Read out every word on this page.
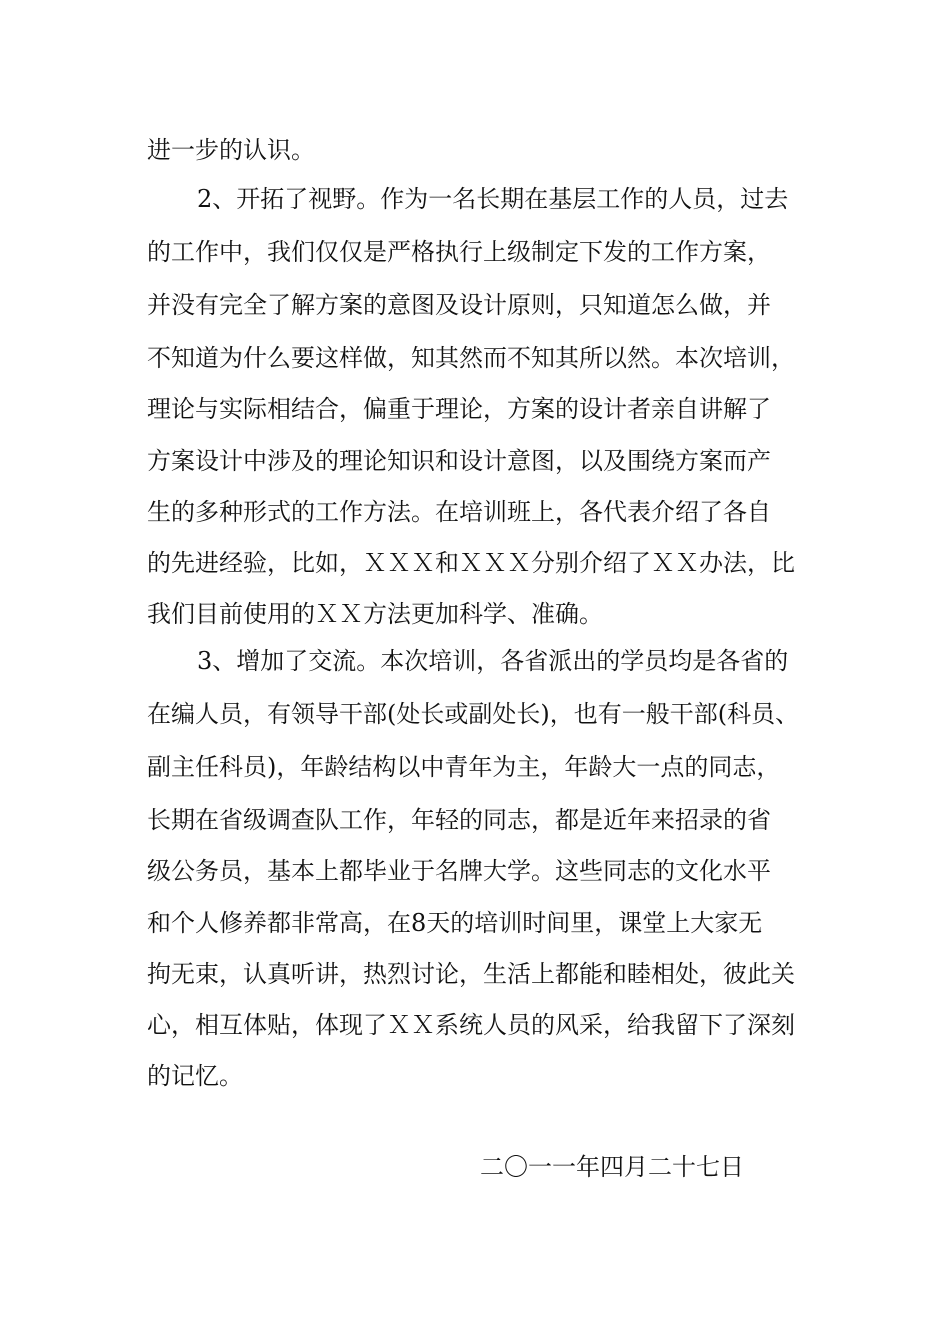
进一步的认识。
2、开拓了视野。作为一名长期在基层工作的人员，过去
的工作中，我们仅仅是严格执行上级制定下发的工作方案，
并没有完全了解方案的意图及设计原则，只知道怎么做，并
不知道为什么要这样做，知其然而不知其所以然。本次培训，
理论与实际相结合，偏重于理论，方案的设计者亲自讲解了
方案设计中涉及的理论知识和设计意图，以及围绕方案而产
生的多种形式的工作方法。在培训班上，各代表介绍了各自
的先进经验，比如，ＸＸＸ和ＸＸＸ分别介绍了ＸＸ办法，比
我们目前使用的ＸＸ方法更加科学、准确。
3、增加了交流。本次培训，各省派出的学员均是各省的
在编人员，有领导干部(处长或副处长)，也有一般干部(科员、
副主任科员)，年龄结构以中青年为主，年龄大一点的同志，
长期在省级调查队工作，年轻的同志，都是近年来招录的省
级公务员，基本上都毕业于名牌大学。这些同志的文化水平
和个人修养都非常高，在8天的培训时间里，课堂上大家无
拘无束，认真听讲，热烈讨论，生活上都能和睦相处，彼此关
心，相互体贴，体现了ＸＸ系统人员的风采，给我留下了深刻
的记忆。
二〇一一年四月二十七日
